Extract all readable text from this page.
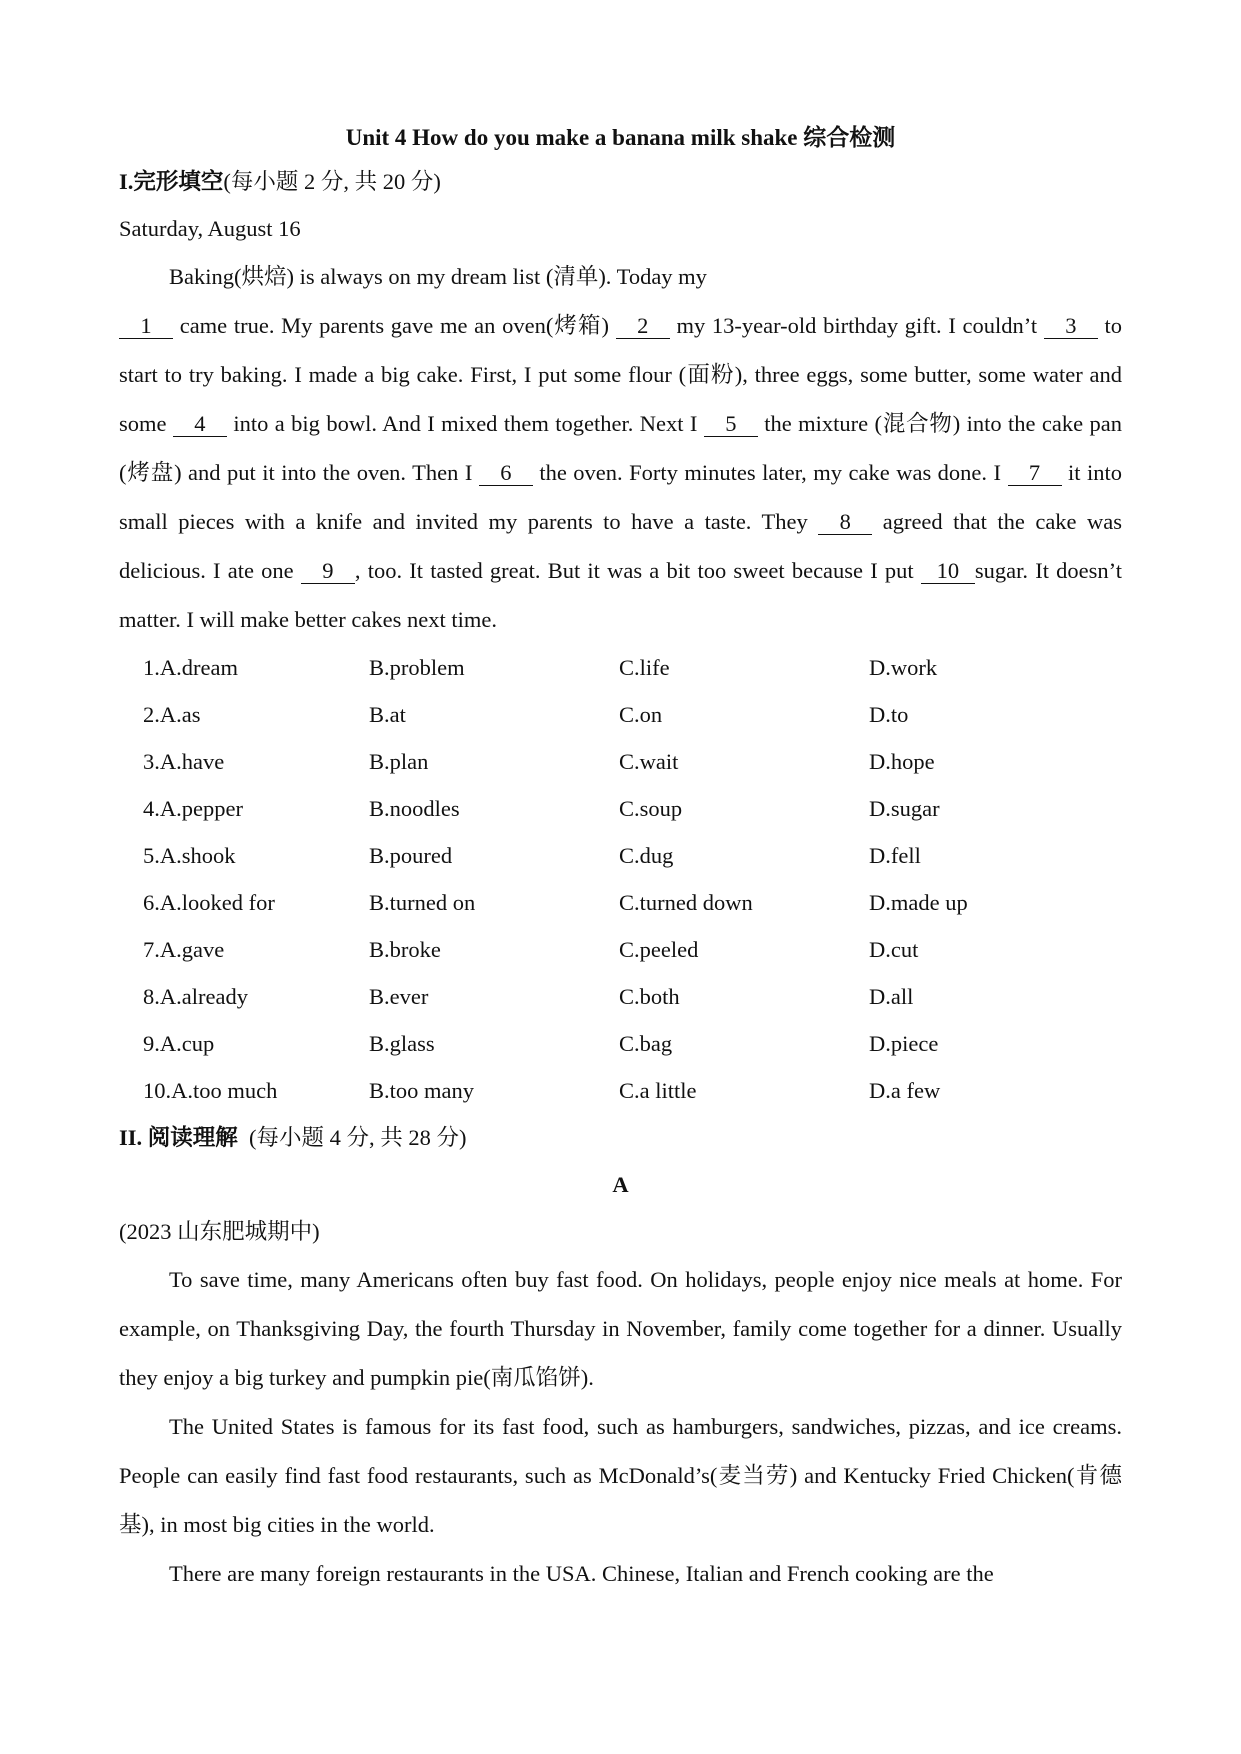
Unit 4 How do you make a banana milk shake 综合检测

I.完形填空(每小题 2 分, 共 20 分)

Saturday, August 16

Baking(烘焙) is always on my dream list (清单). Today my

1 came true. My parents gave me an oven(烤箱) 2 my 13-year-old birthday gift. I couldn’t 3 to start to try baking. I made a big cake. First, I put some flour (面粉), three eggs, some butter, some water and some 4 into a big bowl. And I mixed them together. Next I 5 the mixture (混合物) into the cake pan (烤盘) and put it into the oven. Then I 6 the oven. Forty minutes later, my cake was done. I 7 it into small pieces with a knife and invited my parents to have a taste. They 8 agreed that the cake was delicious. I ate one 9 , too. It tasted great. But it was a bit too sweet because I put 10 sugar. It doesn’t matter. I will make better cakes next time.

1.A.dream	B.problem	C.life	D.work
2.A.as	B.at	C.on	D.to
3.A.have	B.plan	C.wait	D.hope
4.A.pepper	B.noodles	C.soup	D.sugar
5.A.shook	B.poured	C.dug	D.fell
6.A.looked for	B.turned on	C.turned down	D.made up
7.A.gave	B.broke	C.peeled	D.cut
8.A.already	B.ever	C.both	D.all
9.A.cup	B.glass	C.bag	D.piece
10.A.too much	B.too many	C.a little	D.a few

II. 阅读理解 (每小题 4 分, 共 28 分)

A

(2023 山东肥城期中)

To save time, many Americans often buy fast food. On holidays, people enjoy nice meals at home. For example, on Thanksgiving Day, the fourth Thursday in November, family come together for a dinner. Usually they enjoy a big turkey and pumpkin pie(南瓜馅饼).

The United States is famous for its fast food, such as hamburgers, sandwiches, pizzas, and ice creams. People can easily find fast food restaurants, such as McDonald’s(麦当劳) and Kentucky Fried Chicken(肯德基), in most big cities in the world.

There are many foreign restaurants in the USA. Chinese, Italian and French cooking are the
